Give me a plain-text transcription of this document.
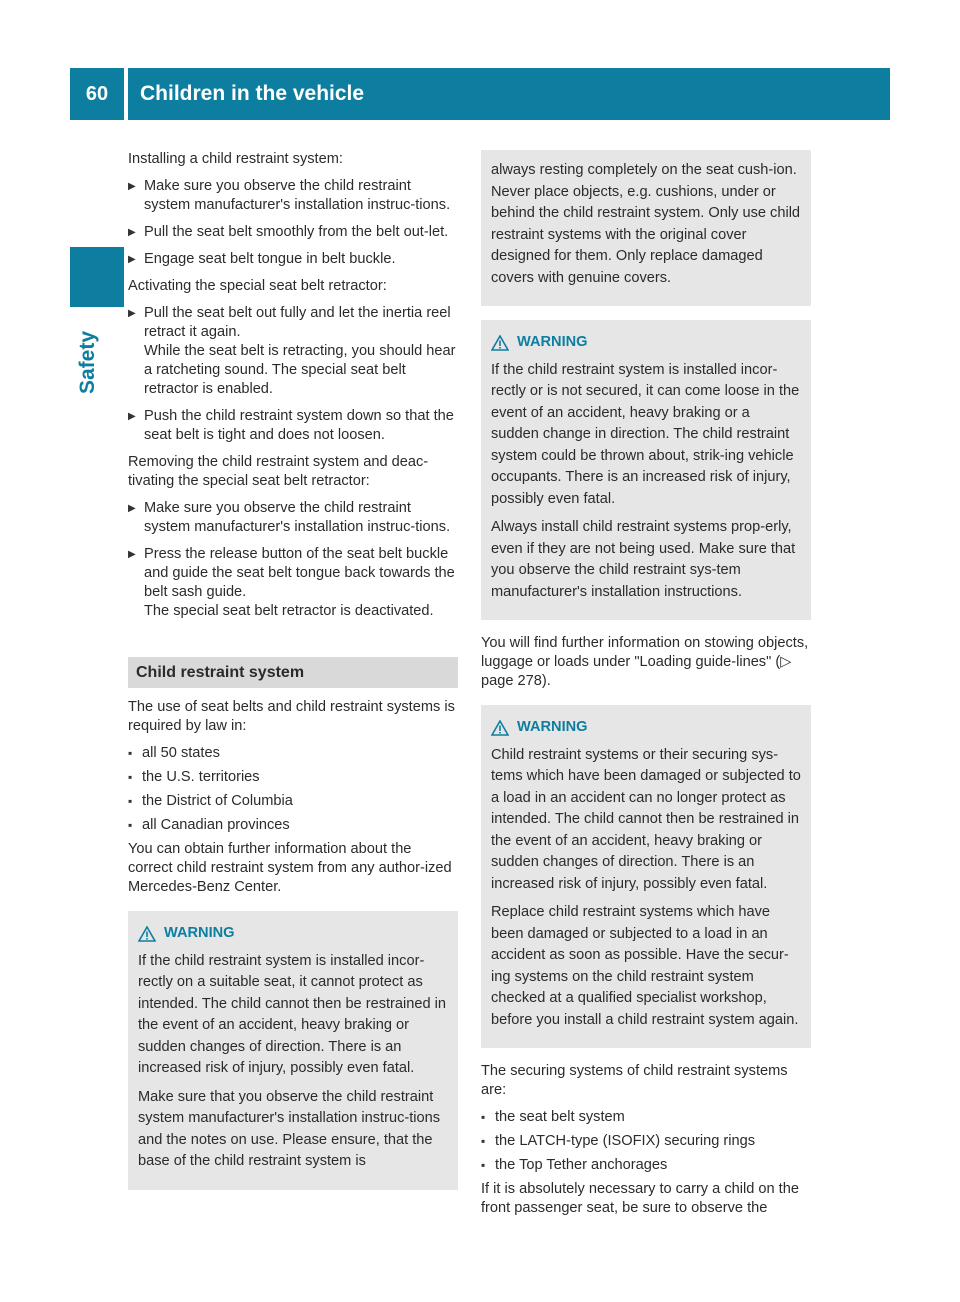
60	Children in the vehicle
Safety

Installing a child restraint system:

▶ Make sure you observe the child restraint system manufacturer's installation instruc-tions.
▶ Pull the seat belt smoothly from the belt out-let.
▶ Engage seat belt tongue in belt buckle.

Activating the special seat belt retractor:

▶ Pull the seat belt out fully and let the inertia reel retract it again.
While the seat belt is retracting, you should hear a ratcheting sound. The special seat belt retractor is enabled.
▶ Push the child restraint system down so that the seat belt is tight and does not loosen.

Removing the child restraint system and deac-tivating the special seat belt retractor:

▶ Make sure you observe the child restraint system manufacturer's installation instruc-tions.
▶ Press the release button of the seat belt buckle and guide the seat belt tongue back towards the belt sash guide.
The special seat belt retractor is deactivated.
Child restraint system

The use of seat belts and child restraint systems is required by law in:

▪ all 50 states
▪ the U.S. territories
▪ the District of Columbia
▪ all Canadian provinces

You can obtain further information about the correct child restraint system from any author-ized Mercedes-Benz Center.

WARNING

If the child restraint system is installed incor-rectly on a suitable seat, it cannot protect as intended. The child cannot then be restrained in the event of an accident, heavy braking or sudden changes of direction. There is an increased risk of injury, possibly even fatal.

Make sure that you observe the child restraint system manufacturer's installation instruc-tions and the notes on use. Please ensure, that the base of the child restraint system is

always resting completely on the seat cush-ion. Never place objects, e.g. cushions, under or behind the child restraint system. Only use child restraint systems with the original cover designed for them. Only replace damaged covers with genuine covers.

WARNING

If the child restraint system is installed incor-rectly or is not secured, it can come loose in the event of an accident, heavy braking or a sudden change in direction. The child restraint system could be thrown about, strik-ing vehicle occupants. There is an increased risk of injury, possibly even fatal.

Always install child restraint systems prop-erly, even if they are not being used. Make sure that you observe the child restraint sys-tem manufacturer's installation instructions.

You will find further information on stowing objects, luggage or loads under "Loading guide-lines" (▷ page 278).

WARNING

Child restraint systems or their securing sys-tems which have been damaged or subjected to a load in an accident can no longer protect as intended. The child cannot then be restrained in the event of an accident, heavy braking or sudden changes of direction. There is an increased risk of injury, possibly even fatal.

Replace child restraint systems which have been damaged or subjected to a load in an accident as soon as possible. Have the secur-ing systems on the child restraint system checked at a qualified specialist workshop, before you install a child restraint system again.

The securing systems of child restraint systems are:

▪ the seat belt system
▪ the LATCH-type (ISOFIX) securing rings
▪ the Top Tether anchorages

If it is absolutely necessary to carry a child on the front passenger seat, be sure to observe the
